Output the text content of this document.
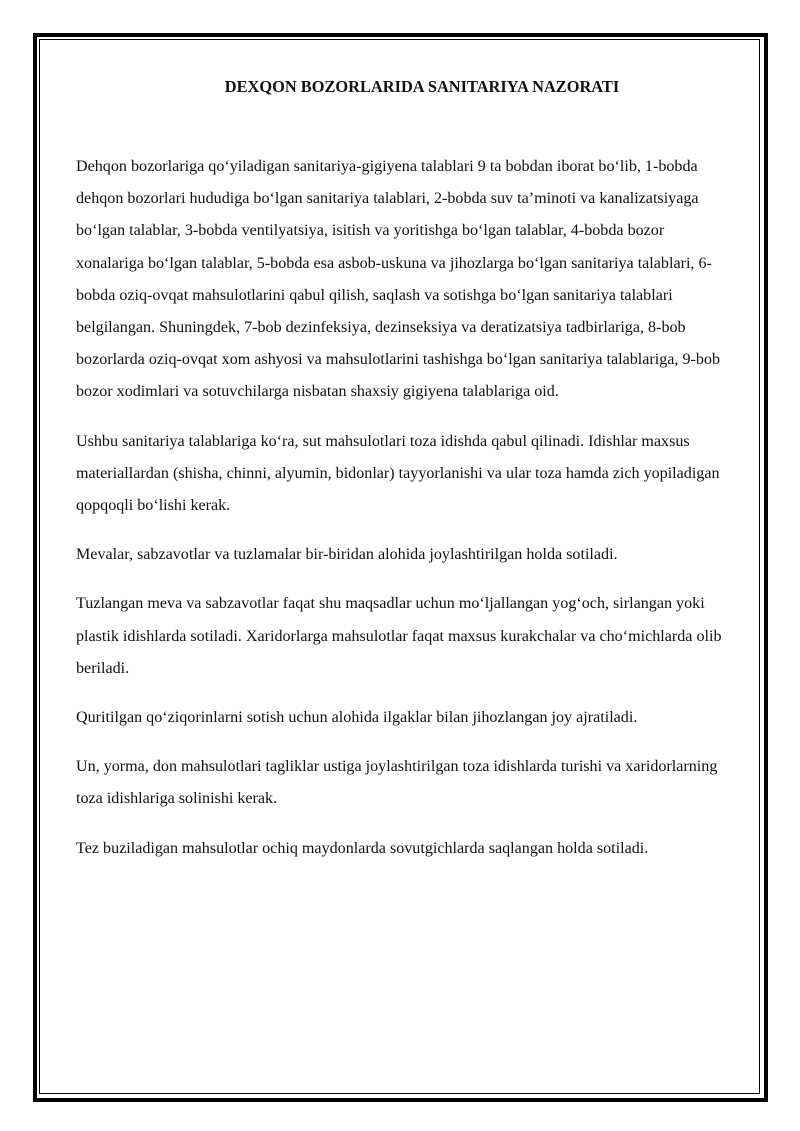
DEXQON BOZORLARIDA SANITARIYA NAZORATI

Dehqon bozorlariga qo‘yiladigan sanitariya-gigiyena talablari 9 ta bobdan iborat bo‘lib, 1-bobda dehqon bozorlari hududiga bo‘lgan sanitariya talablari, 2-bobda suv ta’minoti va kanalizatsiyaga bo‘lgan talablar, 3-bobda ventilyatsiya, isitish va yoritishga bo‘lgan talablar, 4-bobda bozor xonalariga bo‘lgan talablar, 5-bobda esa asbob-uskuna va jihozlarga bo‘lgan sanitariya talablari, 6-bobda oziq-ovqat mahsulotlarini qabul qilish, saqlash va sotishga bo‘lgan sanitariya talablari belgilangan. Shuningdek, 7-bob dezinfeksiya, dezinseksiya va deratizatsiya tadbirlariga, 8-bob bozorlarda oziq-ovqat xom ashyosi va mahsulotlarini tashishga bo‘lgan sanitariya talablariga, 9-bob bozor xodimlari va sotuvchilarga nisbatan shaxsiy gigiyena talablariga oid.

Ushbu sanitariya talablariga ko‘ra, sut mahsulotlari toza idishda qabul qilinadi. Idishlar maxsus materiallardan (shisha, chinni, alyumin, bidonlar) tayyorlanishi va ular toza hamda zich yopiladigan qopqoqli bo‘lishi kerak.

Mevalar, sabzavotlar va tuzlamalar bir-biridan alohida joylashtirilgan holda sotiladi.

Tuzlangan meva va sabzavotlar faqat shu maqsadlar uchun mo‘ljallangan yog‘och, sirlangan yoki plastik idishlarda sotiladi. Xaridorlarga mahsulotlar faqat maxsus kurakchalar va cho‘michlarda olib beriladi.

Quritilgan qo‘ziqorinlarni sotish uchun alohida ilgaklar bilan jihozlangan joy ajratiladi.

Un, yorma, don mahsulotlari tagliklar ustiga joylashtirilgan toza idishlarda turishi va xaridorlarning toza idishlariga solinishi kerak.

Tez buziladigan mahsulotlar ochiq maydonlarda sovutgichlarda saqlangan holda sotiladi.
